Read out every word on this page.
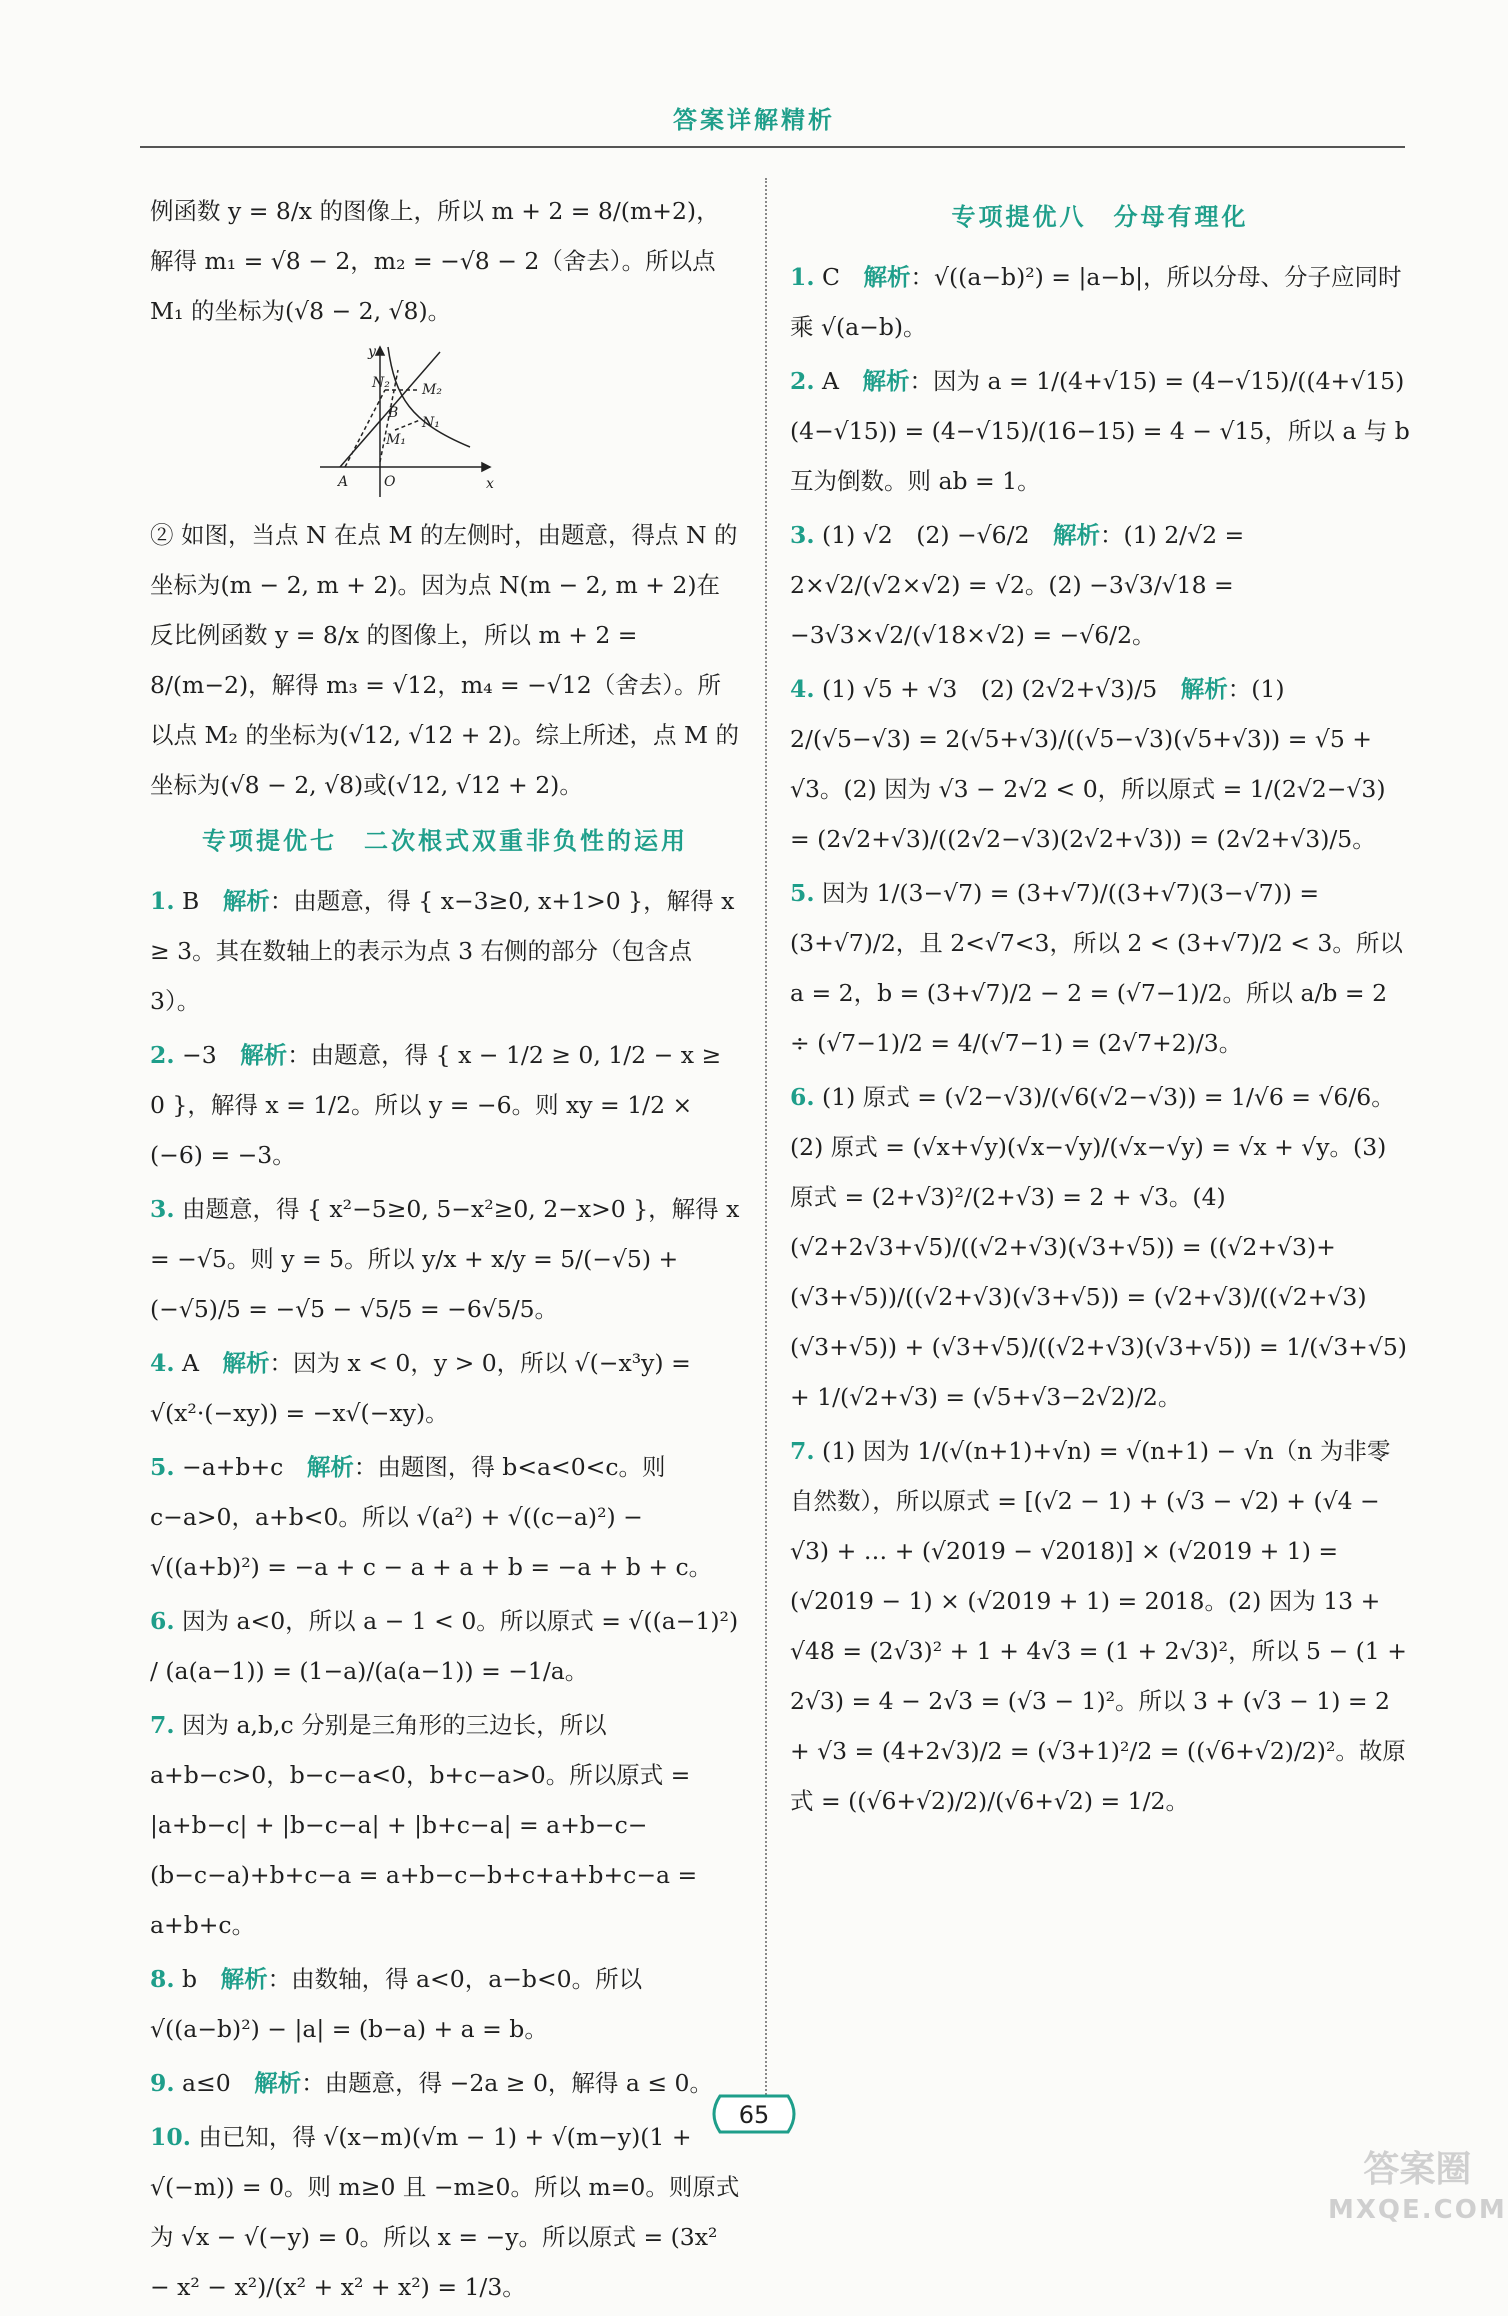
答案详解精析

例函数 y = 8/x 的图像上，所以 m + 2 = 8/(m+2)，解得 m₁ = √8 − 2，m₂ = −√8 − 2（舍去）。所以点 M₁ 的坐标为(√8 − 2, √8)。

y
x
O
A
B
N₂ M₂
N₁
M₁

② 如图，当点 N 在点 M 的左侧时，由题意，得点 N 的坐标为(m − 2, m + 2)。因为点 N(m − 2, m + 2)在反比例函数 y = 8/x 的图像上，所以 m + 2 = 8/(m−2)，解得 m₃ = √12，m₄ = −√12（舍去）。所以点 M₂ 的坐标为(√12, √12 + 2)。综上所述，点 M 的坐标为(√8 − 2, √8)或(√12, √12 + 2)。

专项提优七　二次根式双重非负性的运用

1. B　 解析：由题意，得 { x−3≥0, x+1>0 }，解得 x ≥ 3。其在数轴上的表示为点 3 右侧的部分（包含点 3）。

2. −3　 解析：由题意，得 { x − 1/2 ≥ 0, 1/2 − x ≥ 0 }，解得 x = 1/2。所以 y = −6。则 xy = 1/2 × (−6) = −3。

3. 由题意，得 { x²−5≥0, 5−x²≥0, 2−x>0 }，解得 x = −√5。则 y = 5。所以 y/x + x/y = 5/(−√5) + (−√5)/5 = −√5 − √5/5 = −6√5/5。

4. A　 解析：因为 x < 0，y > 0，所以 √(−x³y) = √(x²·(−xy)) = −x√(−xy)。

5. −a+b+c　 解析：由题图，得 b<a<0<c。则 c−a>0，a+b<0。所以 √(a²) + √((c−a)²) − √((a+b)²) = −a + c − a + a + b = −a + b + c。

6. 因为 a<0，所以 a − 1 < 0。所以原式 = √((a−1)²) / (a(a−1)) = (1−a)/(a(a−1)) = −1/a。

7. 因为 a,b,c 分别是三角形的三边长，所以 a+b−c>0，b−c−a<0，b+c−a>0。所以原式 = |a+b−c| + |b−c−a| + |b+c−a| = a+b−c−(b−c−a)+b+c−a = a+b−c−b+c+a+b+c−a = a+b+c。

8. b　 解析：由数轴，得 a<0，a−b<0。所以 √((a−b)²) − |a| = (b−a) + a = b。

9. a≤0　 解析：由题意，得 −2a ≥ 0，解得 a ≤ 0。

10. 由已知，得 √(x−m)(√m − 1) + √(m−y)(1 + √(−m)) = 0。则 m≥0 且 −m≥0。所以 m=0。则原式为 √x − √(−y) = 0。所以 x = −y。所以原式 = (3x² − x² − x²)/(x² + x² + x²) = 1/3。

专项提优八　分母有理化

1. C　 解析：√((a−b)²) = |a−b|，所以分母、分子应同时乘 √(a−b)。

2. A　 解析：因为 a = 1/(4+√15) = (4−√15)/((4+√15)(4−√15)) = (4−√15)/(16−15) = 4 − √15，所以 a 与 b 互为倒数。则 ab = 1。

3. (1) √2　(2) −√6/2　 解析：(1) 2/√2 = 2×√2/(√2×√2) = √2。(2) −3√3/√18 = −3√3×√2/(√18×√2) = −√6/2。

4. (1) √5 + √3　(2) (2√2+√3)/5　 解析：(1) 2/(√5−√3) = 2(√5+√3)/((√5−√3)(√5+√3)) = √5 + √3。(2) 因为 √3 − 2√2 < 0，所以原式 = 1/(2√2−√3) = (2√2+√3)/((2√2−√3)(2√2+√3)) = (2√2+√3)/5。

5. 因为 1/(3−√7) = (3+√7)/((3+√7)(3−√7)) = (3+√7)/2，且 2<√7<3，所以 2 < (3+√7)/2 < 3。所以 a = 2，b = (3+√7)/2 − 2 = (√7−1)/2。所以 a/b = 2 ÷ (√7−1)/2 = 4/(√7−1) = (2√7+2)/3。

6. (1) 原式 = (√2−√3)/(√6(√2−√3)) = 1/√6 = √6/6。(2) 原式 = (√x+√y)(√x−√y)/(√x−√y) = √x + √y。(3) 原式 = (2+√3)²/(2+√3) = 2 + √3。(4) (√2+2√3+√5)/((√2+√3)(√3+√5)) = ((√2+√3)+(√3+√5))/((√2+√3)(√3+√5)) = (√2+√3)/((√2+√3)(√3+√5)) + (√3+√5)/((√2+√3)(√3+√5)) = 1/(√3+√5) + 1/(√2+√3) = (√5+√3−2√2)/2。

7. (1) 因为 1/(√(n+1)+√n) = √(n+1) − √n（n 为非零自然数），所以原式 = [(√2 − 1) + (√3 − √2) + (√4 − √3) + … + (√2019 − √2018)] × (√2019 + 1) = (√2019 − 1) × (√2019 + 1) = 2018。(2) 因为 13 + √48 = (2√3)² + 1 + 4√3 = (1 + 2√3)²，所以 5 − (1 + 2√3) = 4 − 2√3 = (√3 − 1)²。所以 3 + (√3 − 1) = 2 + √3 = (4+2√3)/2 = (√3+1)²/2 = ((√6+√2)/2)²。故原式 = ((√6+√2)/2)/(√6+√2) = 1/2。

65
答案圈
MXQE.COM
